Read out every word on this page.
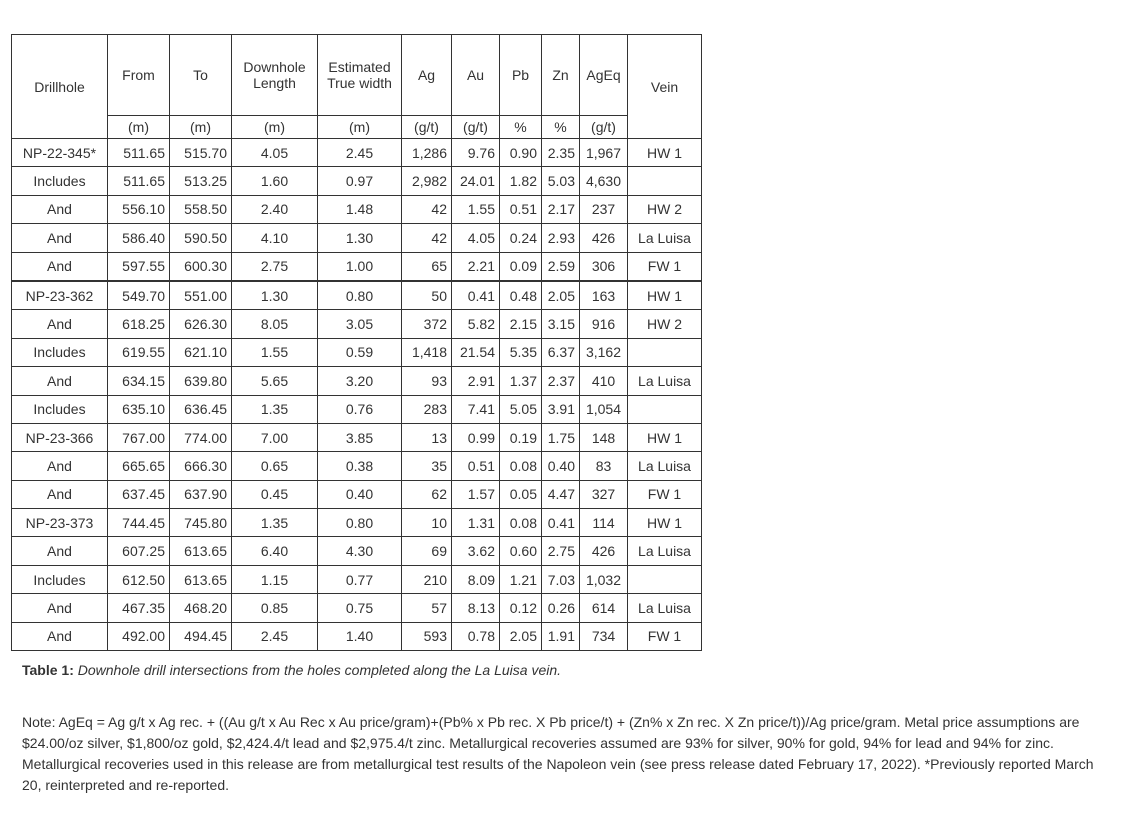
Drillhole	From	To	Downhole Length	Estimated True width	Ag	Au	Pb	Zn	AgEq	Vein
	(m)	(m)	(m)	(m)	(g/t)	(g/t)	%	%	(g/t)	
NP-22-345*	511.65	515.70	4.05	2.45	1,286	9.76	0.90	2.35	1,967	HW 1
Includes	511.65	513.25	1.60	0.97	2,982	24.01	1.82	5.03	4,630	
And	556.10	558.50	2.40	1.48	42	1.55	0.51	2.17	237	HW 2
And	586.40	590.50	4.10	1.30	42	4.05	0.24	2.93	426	La Luisa
And	597.55	600.30	2.75	1.00	65	2.21	0.09	2.59	306	FW 1
NP-23-362	549.70	551.00	1.30	0.80	50	0.41	0.48	2.05	163	HW 1
And	618.25	626.30	8.05	3.05	372	5.82	2.15	3.15	916	HW 2
Includes	619.55	621.10	1.55	0.59	1,418	21.54	5.35	6.37	3,162	
And	634.15	639.80	5.65	3.20	93	2.91	1.37	2.37	410	La Luisa
Includes	635.10	636.45	1.35	0.76	283	7.41	5.05	3.91	1,054	
NP-23-366	767.00	774.00	7.00	3.85	13	0.99	0.19	1.75	148	HW 1
And	665.65	666.30	0.65	0.38	35	0.51	0.08	0.40	83	La Luisa
And	637.45	637.90	0.45	0.40	62	1.57	0.05	4.47	327	FW 1
NP-23-373	744.45	745.80	1.35	0.80	10	1.31	0.08	0.41	114	HW 1
And	607.25	613.65	6.40	4.30	69	3.62	0.60	2.75	426	La Luisa
Includes	612.50	613.65	1.15	0.77	210	8.09	1.21	7.03	1,032	
And	467.35	468.20	0.85	0.75	57	8.13	0.12	0.26	614	La Luisa
And	492.00	494.45	2.45	1.40	593	0.78	2.05	1.91	734	FW 1
Table 1: Downhole drill intersections from the holes completed along the La Luisa vein.
Note: AgEq = Ag g/t x Ag rec. + ((Au g/t x Au Rec x Au price/gram)+(Pb% x Pb rec. X Pb price/t) + (Zn% x Zn rec. X Zn price/t))/Ag price/gram. Metal price assumptions are $24.00/oz silver, $1,800/oz gold, $2,424.4/t lead and $2,975.4/t zinc. Metallurgical recoveries assumed are 93% for silver, 90% for gold, 94% for lead and 94% for zinc. Metallurgical recoveries used in this release are from metallurgical test results of the Napoleon vein (see press release dated February 17, 2022). *Previously reported March 20, reinterpreted and re-reported.
